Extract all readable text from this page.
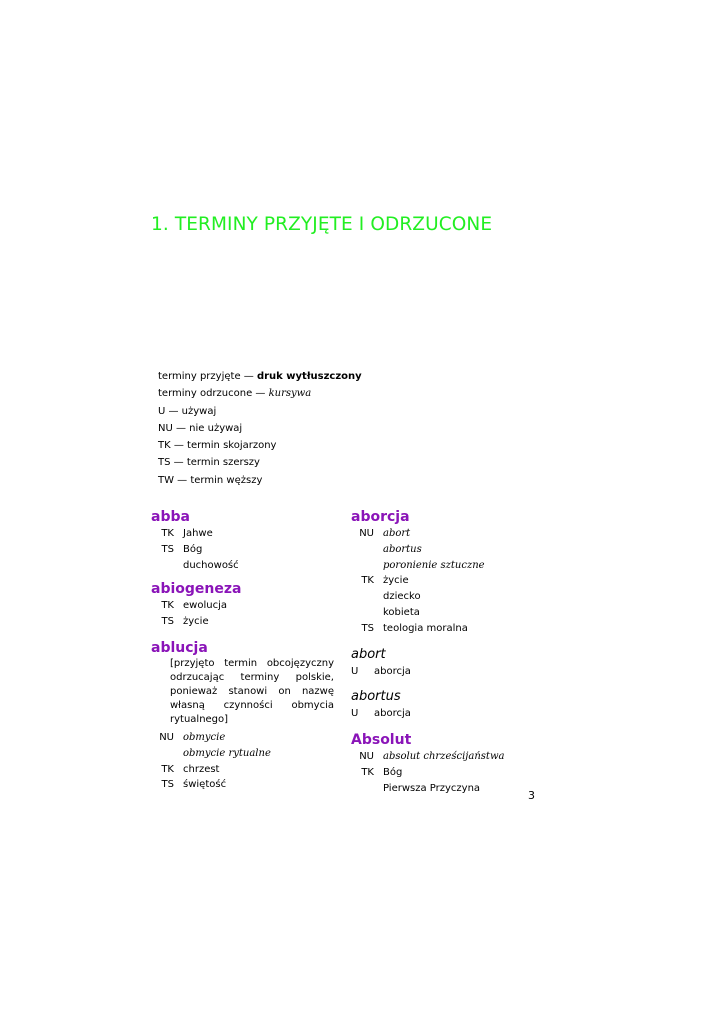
1. TERMINY PRZYJĘTE I ODRZUCONE
terminy przyjęte — druk wytłuszczony
terminy odrzucone — kursywa
U — używaj
NU — nie używaj
TK — termin skojarzony
TS — termin szerszy
TW — termin węższy
abba
TK Jahwe
TS Bóg
duchowość
abiogeneza
TK ewolucja
TS życie
ablucja
[przyjęto termin obcojęzyczny odrzucając terminy polskie, ponieważ stanowi on nazwę własną czynności obmycia rytualnego]
NU obmycie
obmycie rytualne
TK chrzest
TS świętość
aborcja
NU abort
abortus
poronienie sztuczne
TK życie
dziecko
kobieta
TS teologia moralna
abort
U	aborcja
abortus
U	aborcja
Absolut
NU absolut chrześcijaństwa
TK Bóg
Pierwsza Przyczyna
3
